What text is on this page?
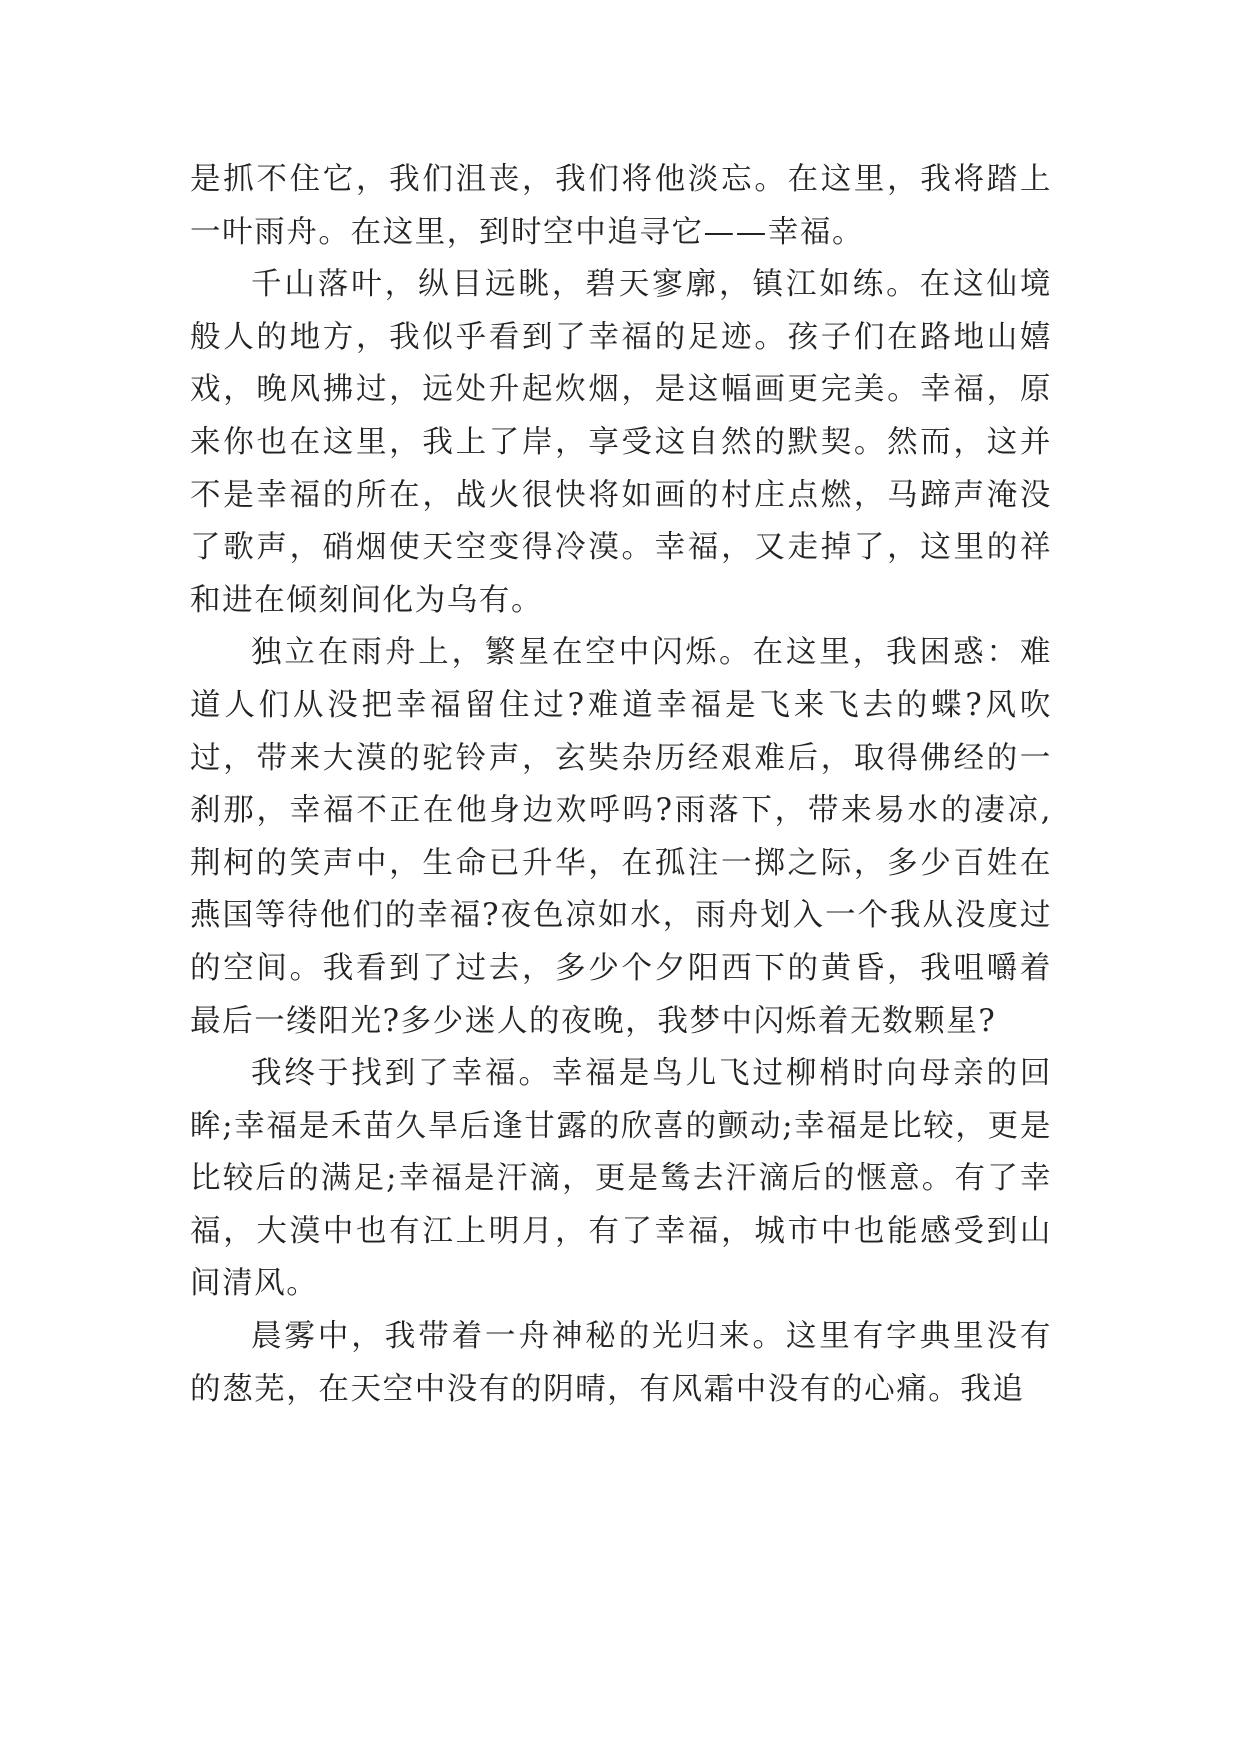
是抓不住它，我们沮丧，我们将他淡忘。在这里，我将踏上一叶雨舟。在这里，到时空中追寻它——幸福。

千山落叶，纵目远眺，碧天寥廓，镇江如练。在这仙境般人的地方，我似乎看到了幸福的足迹。孩子们在路地山嬉戏，晚风拂过，远处升起炊烟，是这幅画更完美。幸福，原来你也在这里，我上了岸，享受这自然的默契。然而，这并不是幸福的所在，战火很快将如画的村庄点燃，马蹄声淹没了歌声，硝烟使天空变得冷漠。幸福，又走掉了，这里的祥和进在倾刻间化为乌有。

独立在雨舟上，繁星在空中闪烁。在这里，我困惑：难道人们从没把幸福留住过?难道幸福是飞来飞去的蝶?风吹过，带来大漠的驼铃声，玄奘杂历经艰难后，取得佛经的一刹那，幸福不正在他身边欢呼吗?雨落下，带来易水的凄凉,荆柯的笑声中，生命已升华，在孤注一掷之际，多少百姓在燕国等待他们的幸福?夜色凉如水，雨舟划入一个我从没度过的空间。我看到了过去，多少个夕阳西下的黄昏，我咀嚼着最后一缕阳光?多少迷人的夜晚，我梦中闪烁着无数颗星?

我终于找到了幸福。幸福是鸟儿飞过柳梢时向母亲的回眸;幸福是禾苗久旱后逢甘露的欣喜的颤动;幸福是比较，更是比较后的满足;幸福是汗滴，更是鸶去汗滴后的惬意。有了幸福，大漠中也有江上明月，有了幸福，城市中也能感受到山间清风。

晨雾中，我带着一舟神秘的光归来。这里有字典里没有的葱芜，在天空中没有的阴晴，有风霜中没有的心痛。我追
